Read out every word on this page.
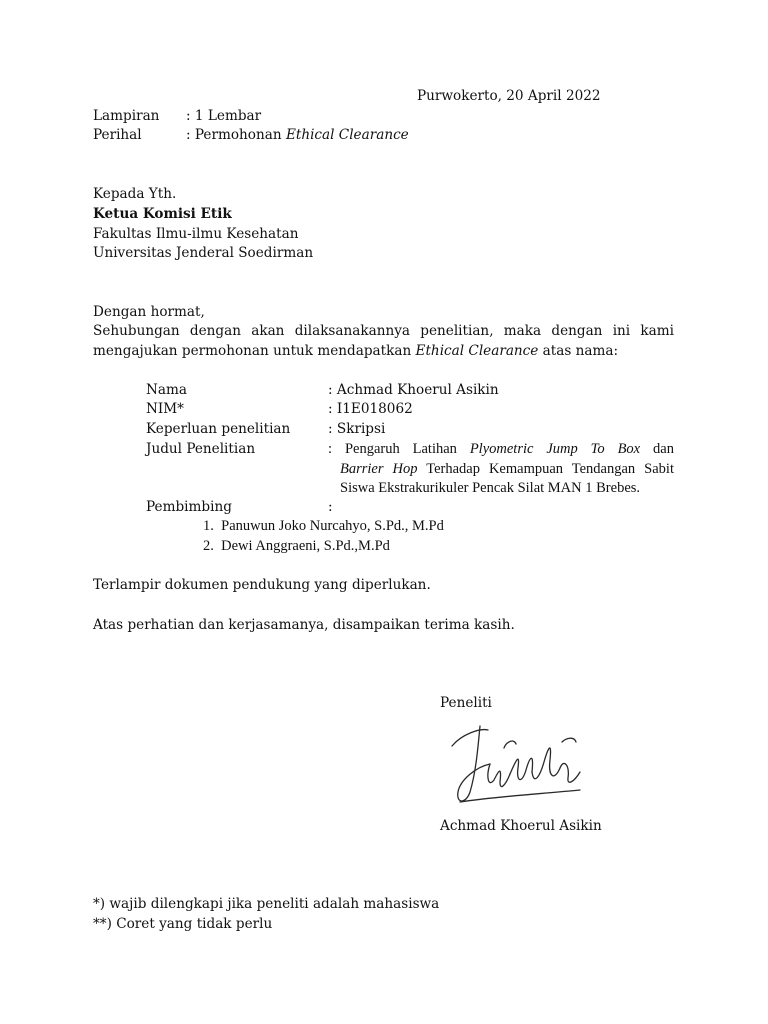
Purwokerto, 20 April 2022
Lampiran : 1 Lembar
Perihal	: Permohonan Ethical Clearance
Kepada Yth.
Ketua Komisi Etik
Fakultas Ilmu-ilmu Kesehatan
Universitas Jenderal Soedirman
Dengan hormat,
Sehubungan dengan akan dilaksanakannya penelitian, maka dengan ini kami
mengajukan permohonan untuk mendapatkan Ethical Clearance atas nama:
Nama	: Achmad Khoerul Asikin
NIM*	: I1E018062
Keperluan penelitian	: Skripsi
Judul Penelitian	: Pengaruh Latihan Plyometric Jump To Box dan
Barrier Hop Terhadap Kemampuan Tendangan Sabit
Siswa Ekstrakurikuler Pencak Silat MAN 1 Brebes.
Pembimbing	:
1. Panuwun Joko Nurcahyo, S.Pd., M.Pd
2. Dewi Anggraeni, S.Pd.,M.Pd
Terlampir dokumen pendukung yang diperlukan.
Atas perhatian dan kerjasamanya, disampaikan terima kasih.
Peneliti
Achmad Khoerul Asikin
*) wajib dilengkapi jika peneliti adalah mahasiswa
**) Coret yang tidak perlu
